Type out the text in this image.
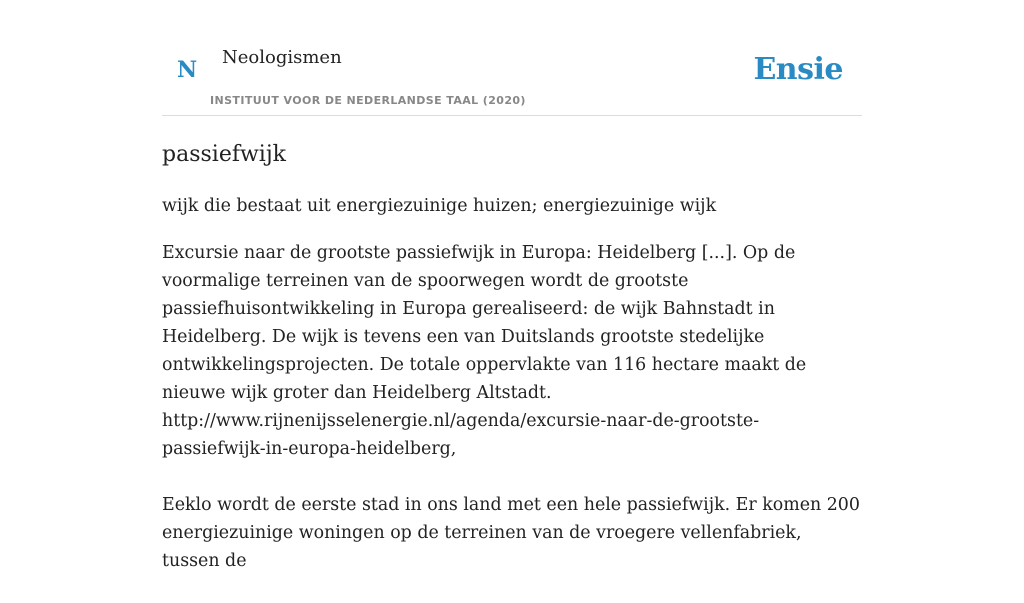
N Neologismen
INSTITUUT VOOR DE NEDERLANDSE TAAL (2020)
Ensie
passiefwijk
wijk die bestaat uit energiezuinige huizen; energiezuinige wijk

Excursie naar de grootste passiefwijk in Europa: Heidelberg [...]. Op de voormalige terreinen van de spoorwegen wordt de grootste passiefhuisontwikkeling in Europa gerealiseerd: de wijk Bahnstadt in Heidelberg. De wijk is tevens een van Duitslands grootste stedelijke ontwikkelingsprojecten. De totale oppervlakte van 116 hectare maakt de nieuwe wijk groter dan Heidelberg Altstadt. http://www.rijnenijsselenergie.nl/agenda/excursie-naar-de-grootste-passiefwijk-in-europa-heidelberg,

Eeklo wordt de eerste stad in ons land met een hele passiefwijk. Er komen 200 energiezuinige woningen op de terreinen van de vroegere vellenfabriek, tussen de
